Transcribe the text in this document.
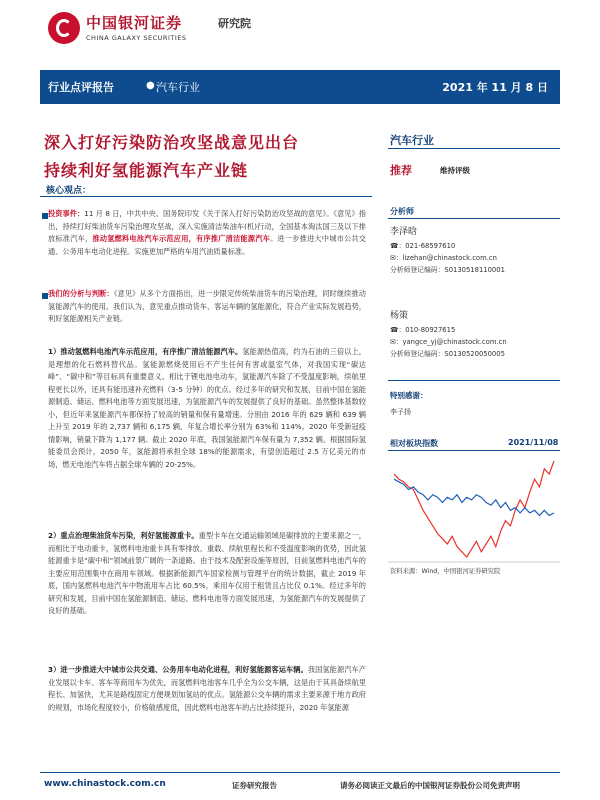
中国银河证券
CHINA GALAXY SECURITIES
研究院
行业点评报告	● 汽车行业	2021 年 11 月 8 日
深入打好污染防治攻坚战意见出台
持续利好氢能源汽车产业链
核心观点：

投资事件：11 月 8 日，中共中央、国务院印发《关于深入打好污染防治攻坚战的意见》。《意见》指出，持续打好柴油货车污染治理攻坚战，深入实施清洁柴油车(机)行动，全国基本淘汰国三及以下排放标准汽车，推动氢燃料电池汽车示范应用，有序推广清洁能源汽车。进一步推进大中城市公共交通、公务用车电动化进程。实施更加严格的车用汽油质量标准。

我们的分析与判断：《意见》从多个方面指出，进一步限定传统柴油货车的污染治理，同时继续推动氢能源汽车的使用。我们认为，意见重点推动货车、客运车辆的氢能源化，符合产业实际发展趋势，利好氢能源相关产业链。

1）推动氢燃料电池汽车示范应用，有序推广清洁能源汽车。氢能源热值高，约为石油的三倍以上，是理想的化石燃料替代品。氢能源燃烧使用后不产生任何有害或温室气体，对我国实现“碳达峰”、“碳中和”等目标具有重要意义。相比于锂电池电动车，氢能源汽车除了不受温度影响，续航里程更长以外，还具有能迅速补充燃料（3-5 分钟）的优点。经过多年的研究和发展，目前中国在氢能源制造、储运、燃料电池等方面发展迅速，为氢能源汽车的发展提供了良好的基础。虽然整体基数较小，但近年来氢能源汽车都保持了较高的销量和保有量增速。分别由 2016 年的 629 辆和 639 辆上升至 2019 年的 2,737 辆和 6,175 辆，年复合增长率分别为 63%和 114%。2020 年受新冠疫情影响，销量下降为 1,177 辆。截止 2020 年底，我国氢能源汽车保有量为 7,352 辆。根据国际氢能委员会预计，2050 年，氢能源将承担全球 18%的能源需求，有望创造超过 2.5 万亿美元的市场，燃无电池汽车将占据全球车辆的 20-25%。

2）重点治理柴油货车污染，利好氢能源重卡。重型卡车在交通运输领域是碳排放的主要来源之一，而相比于电动重卡，氢燃料电池重卡具有零排放、重载、续航里程长和不受温度影响的优势，因此氢能源重卡是“碳中和”领域前景广阔的一条道路。由于技术及配套设施等原因，目前氢燃料电池汽车的主要应用范围集中在商用车领域。根据新能源汽车国家检测与管理平台的统计数据，截止 2019 年底，国内氢燃料电池汽车中物流用车占比 60.5%，乘用车仅用于租赁且占比仅 0.1%。经过多年的研究和发展，目前中国在氢能源制造、储运、燃料电池等方面发展迅速，为氢能源汽车的发展提供了良好的基础。

3）进一步推进大中城市公共交通、公务用车电动化进程，利好氢能源客运车辆。我国氢能源汽车产业发展以卡车、客车等商用车为优先，而氢燃料电池客车几乎全为公交车辆，这是由于其具备续航里程长、加氢快，尤其是路线固定方便规划加氢站的优点。氢能源公交车辆的需求主要来源于地方政府的规划，市场化程度较小，价格敏感度低，因此燃料电池客车的占比持续提升，2020 年氢能源

汽车行业
推荐	维持评级
分析师
李泽晗
☎：021-68597610
✉：lizehan@chinastock.com.cn
分析师登记编码：S0130518110001
杨策
☎：010-80927615
✉：yangce_yj@chinastock.com.cn
分析师登记编码：S0130520050005
特别感谢：
李子扬
相对板块指数	2021/11/08
资料来源：Wind，中国银河证券研究院
www.chinastock.com.cn	证券研究报告	请务必阅读正文最后的中国银河证券股份公司免责声明
